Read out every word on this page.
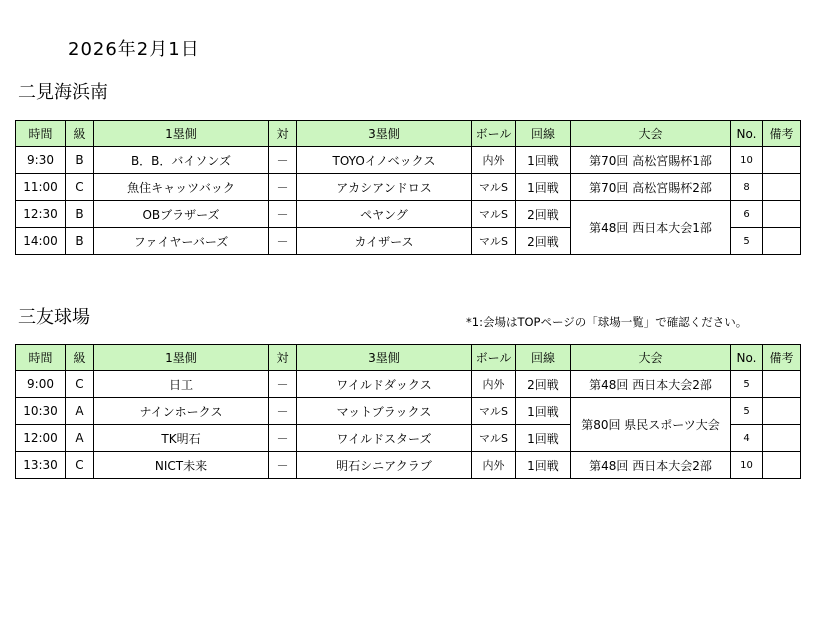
2026年2月1日
二見海浜南
時間	級	1塁側	対	3塁側	ボール	回線	大会	No.	備考
9:30	B	B．B．バイソンズ	－	TOYOイノベックス	内外	1回戦	第70回 高松宮賜杯1部	10	
11:00	C	魚住キャッツバック	－	アカシアンドロス	マルS	1回戦	第70回 高松宮賜杯2部	8	
12:30	B	OBブラザーズ	－	ペヤング	マルS	2回戦	第48回 西日本大会1部	6	
14:00	B	ファイヤーバーズ	－	カイザース	マルS	2回戦		5	
三友球場	*1:会場はTOPページの「球場一覧」で確認ください。
時間	級	1塁側	対	3塁側	ボール	回線	大会	No.	備考
9:00	C	日工	－	ワイルドダックス	内外	2回戦	第48回 西日本大会2部	5	
10:30	A	ナインホークス	－	マットブラックス	マルS	1回戦	第80回 県民スポーツ大会	5	
12:00	A	TK明石	－	ワイルドスターズ	マルS	1回戦		4	
13:30	C	NICT未来	－	明石シニアクラブ	内外	1回戦	第48回 西日本大会2部	10	
